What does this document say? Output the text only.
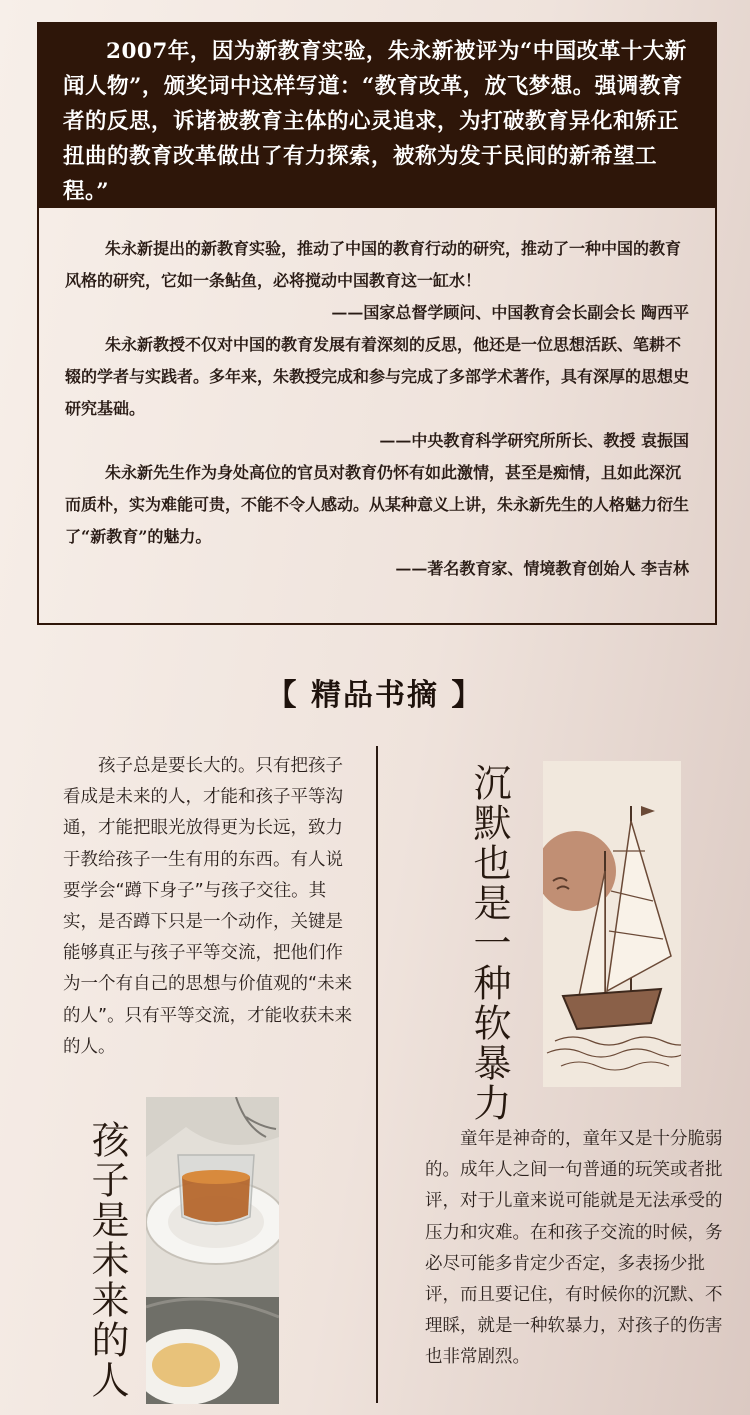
2007年，因为新教育实验，朱永新被评为“中国改革十大新闻人物”，颁奖词中这样写道：“教育改革，放飞梦想。强调教育者的反思，诉诸被教育主体的心灵追求，为打破教育异化和矫正扭曲的教育改革做出了有力探索，被称为发于民间的新希望工程。”

朱永新提出的新教育实验，推动了中国的教育行动的研究，推动了一种中国的教育风格的研究，它如一条鲇鱼，必将搅动中国教育这一缸水！

——国家总督学顾问、中国教育会长副会长 陶西平

朱永新教授不仅对中国的教育发展有着深刻的反思，他还是一位思想活跃、笔耕不辍的学者与实践者。多年来，朱教授完成和参与完成了多部学术著作，具有深厚的思想史研究基础。

——中央教育科学研究所所长、教授 袁振国

朱永新先生作为身处高位的官员对教育仍怀有如此激情，甚至是痴情，且如此深沉而质朴，实为难能可贵，不能不令人感动。从某种意义上讲，朱永新先生的人格魅力衍生了“新教育”的魅力。

——著名教育家、情境教育创始人 李吉林

【 精品书摘 】

孩子总是要长大的。只有把孩子看成是未来的人，才能和孩子平等沟通，才能把眼光放得更为长远，致力于教给孩子一生有用的东西。有人说要学会“蹲下身子”与孩子交往。其实，是否蹲下只是一个动作，关键是能够真正与孩子平等交流，把他们作为一个有自己的思想与价值观的“未来的人”。只有平等交流，才能收获未来的人。	沉默也是一种软暴力
孩子是未来的人	童年是神奇的，童年又是十分脆弱的。成年人之间一句普通的玩笑或者批评，对于儿童来说可能就是无法承受的压力和灾难。在和孩子交流的时候，务必尽可能多肯定少否定，多表扬少批评，而且要记住，有时候你的沉默、不理睬，就是一种软暴力，对孩子的伤害也非常剧烈。
